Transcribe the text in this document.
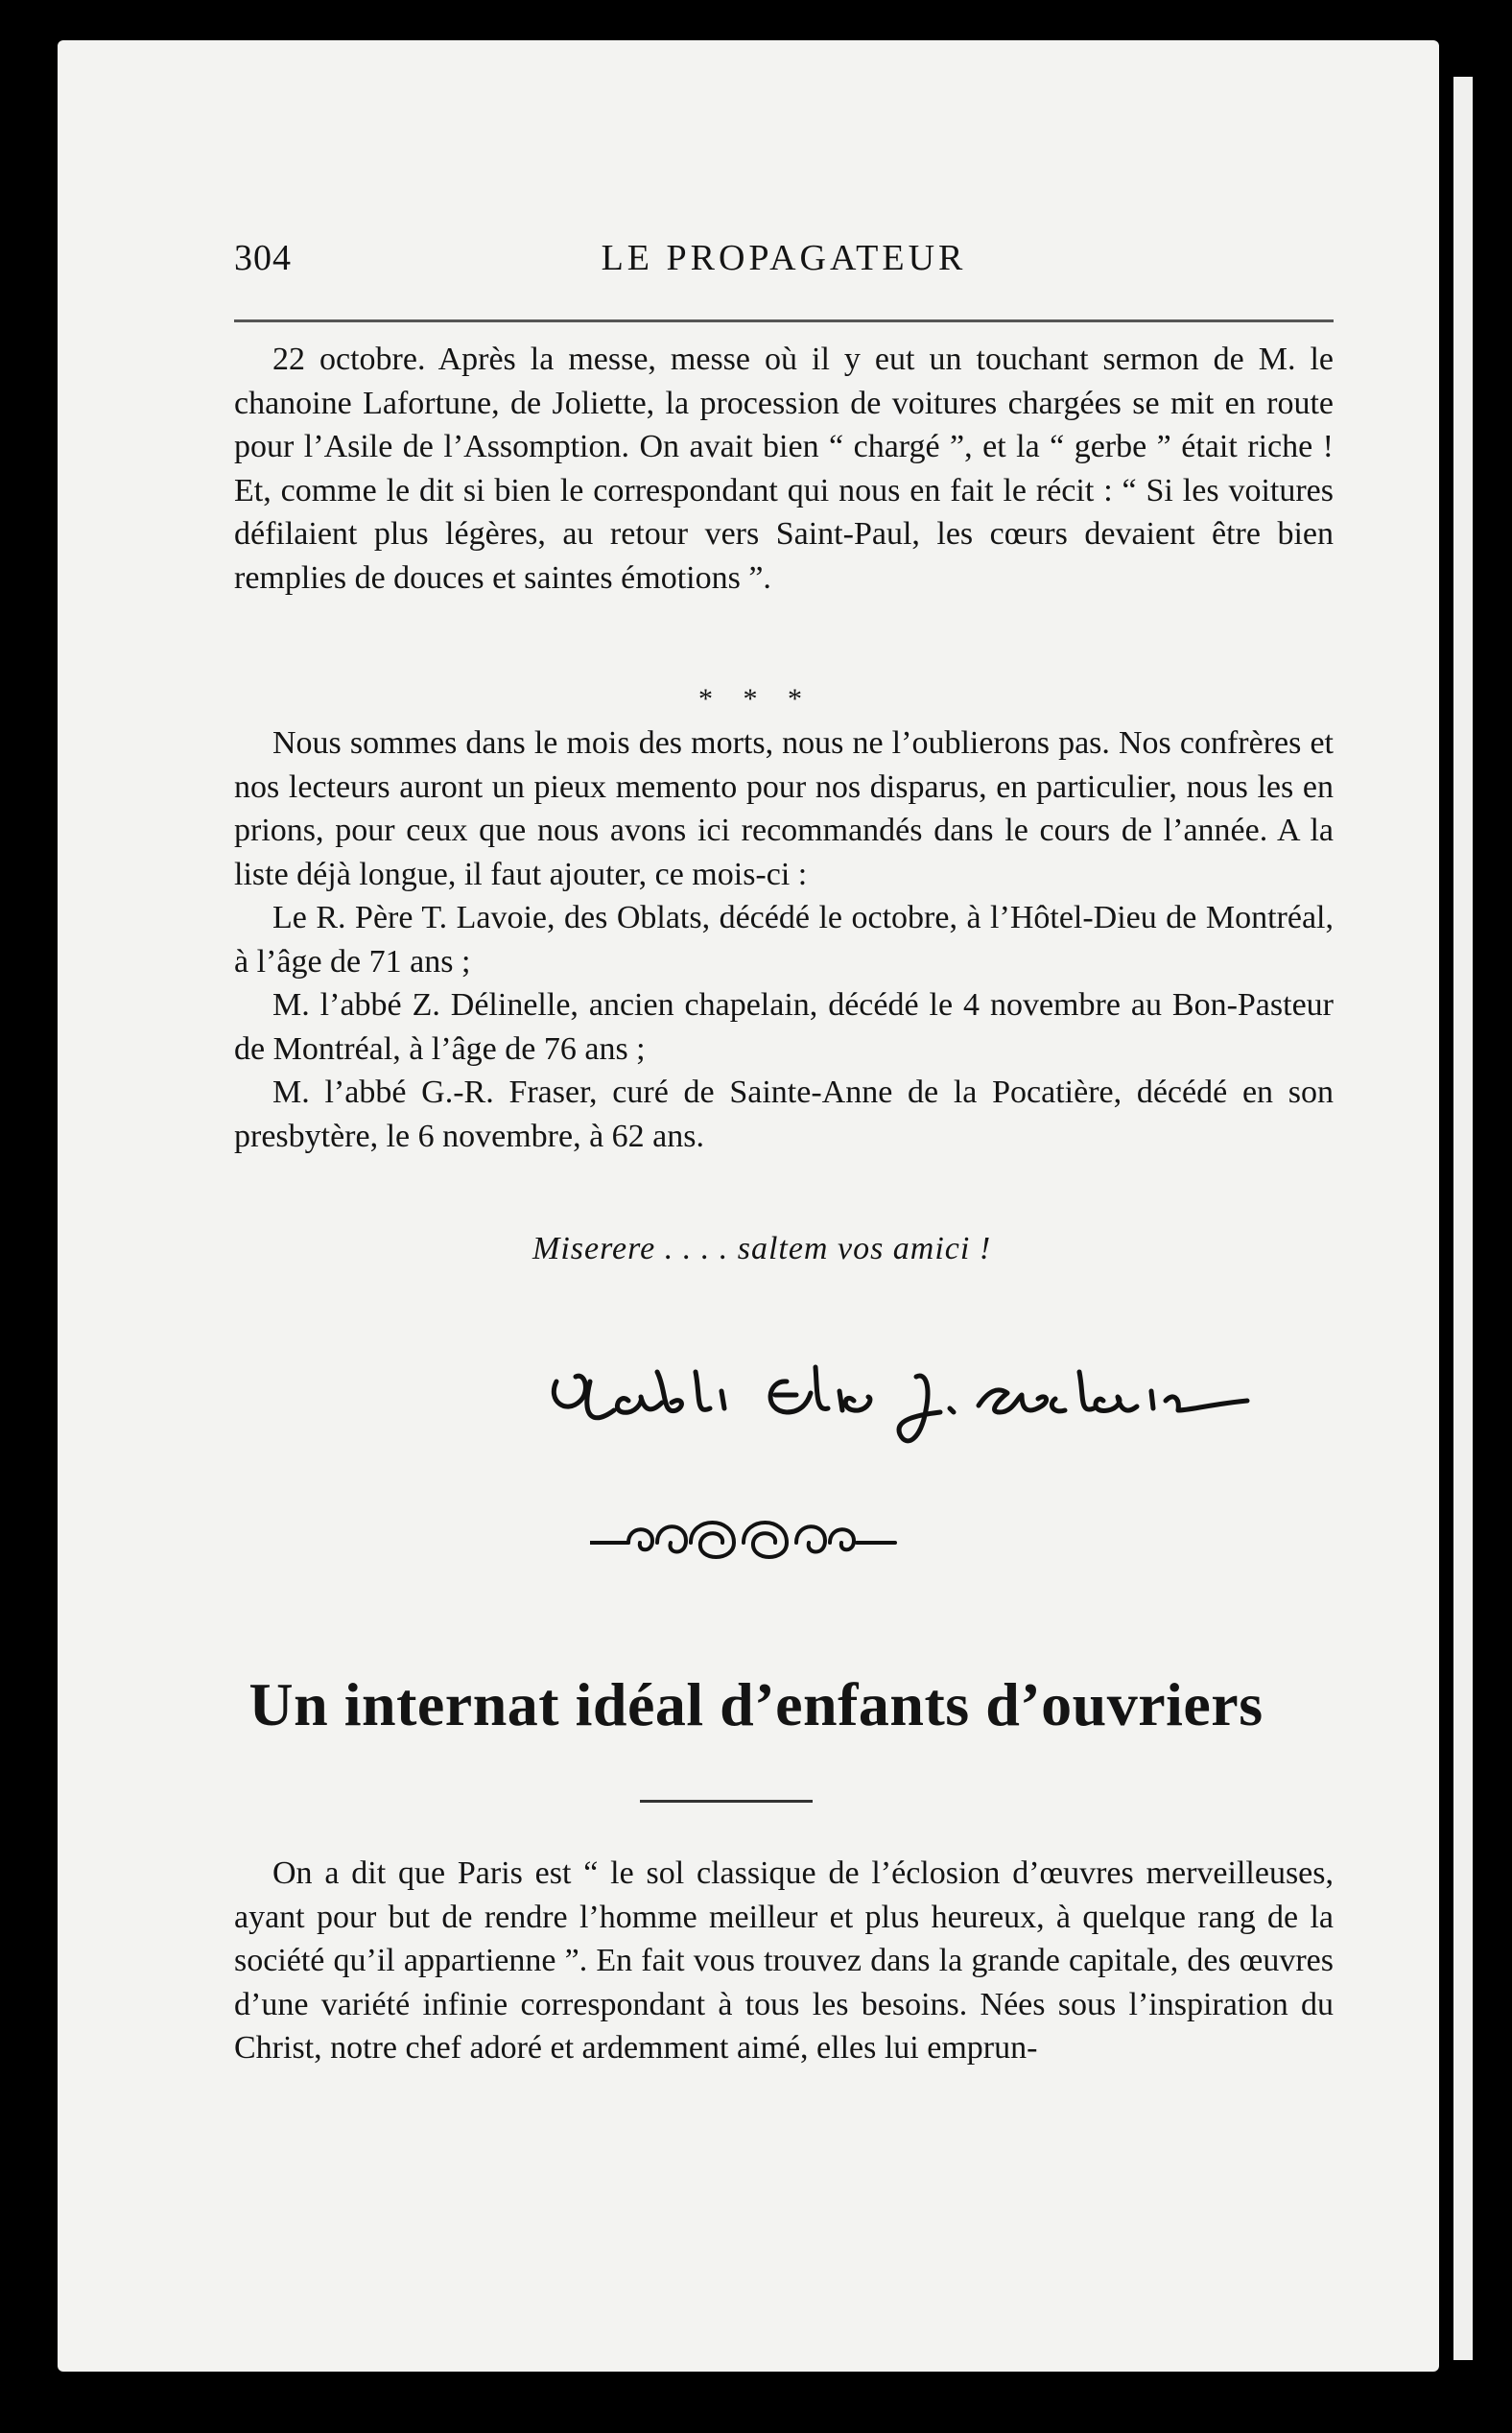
304	LE PROPAGATEUR

22 octobre. Après la messe, messe où il y eut un touchant sermon de M. le chanoine Lafortune, de Joliette, la procession de voitures chargées se mit en route pour l’Asile de l’Assomption. On avait bien “ chargé ”, et la “ gerbe ” était riche ! Et, comme le dit si bien le correspondant qui nous en fait le récit : “ Si les voitures défilaient plus légères, au retour vers Saint-Paul, les cœurs devaient être bien remplies de douces et saintes émotions ”.

* * *

Nous sommes dans le mois des morts, nous ne l’oublierons pas. Nos confrères et nos lecteurs auront un pieux memento pour nos disparus, en particulier, nous les en prions, pour ceux que nous avons ici recommandés dans le cours de l’année. A la liste déjà longue, il faut ajouter, ce mois-ci :

Le R. Père T. Lavoie, des Oblats, décédé le octobre, à l’Hôtel-Dieu de Montréal, à l’âge de 71 ans ;

M. l’abbé Z. Délinelle, ancien chapelain, décédé le 4 novembre au Bon-Pasteur de Montréal, à l’âge de 76 ans ;

M. l’abbé G.-R. Fraser, curé de Sainte-Anne de la Pocatière, décédé en son presbytère, le 6 novembre, à 62 ans.

Miserere . . . . saltem vos amici !
Un internat idéal d’enfants d’ouvriers

On a dit que Paris est “ le sol classique de l’éclosion d’œuvres merveilleuses, ayant pour but de rendre l’homme meilleur et plus heureux, à quelque rang de la société qu’il appartienne ”. En fait vous trouvez dans la grande capitale, des œuvres d’une variété infinie correspondant à tous les besoins. Nées sous l’inspiration du Christ, notre chef adoré et ardemment aimé, elles lui emprun-
